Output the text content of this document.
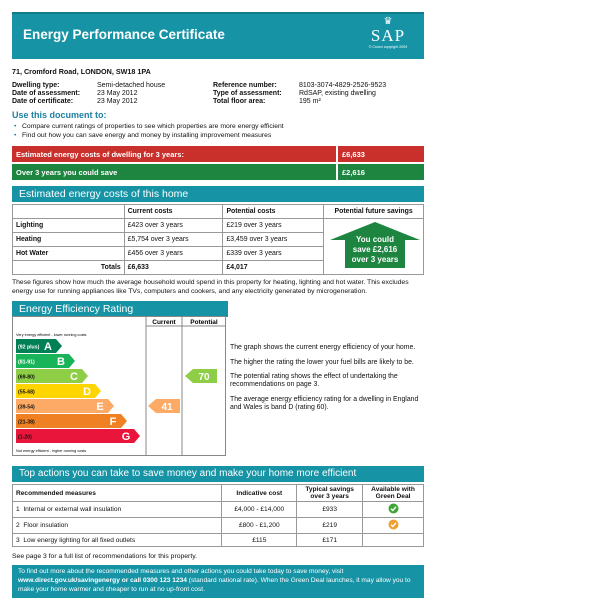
Energy Performance Certificate
♛
SAP
© Crown copyright 2009
71, Cromford Road, LONDON, SW18 1PA
Dwelling type:	Semi-detached house	Reference number:	8103-3074-4829-2526-9523
Date of assessment:	23 May 2012	Type of assessment:	RdSAP, existing dwelling
Date of certificate:	23 May 2012	Total floor area:	195 m²
Use this document to:
• Compare current ratings of properties to see which properties are more energy efficient
• Find out how you can save energy and money by installing improvement measures
Estimated energy costs of dwelling for 3 years:	£6,633
Over 3 years you could save	£2,616
Estimated energy costs of this home
	Current costs	Potential costs	Potential future savings
Lighting	£423 over 3 years	£219 over 3 years	
Heating	£5,754 over 3 years	£3,459 over 3 years	
Hot Water	£456 over 3 years	£339 over 3 years	
Totals	£6,633	£4,017	
You could
save £2,616
over 3 years
These figures show how much the average household would spend in this property for heating, lighting and hot water. This excludes energy use for running appliances like TVs, computers and cookers, and any electricity generated by microgeneration.
Energy Efficiency Rating
Current Potential
Very energy efficient - lower running costs
(92 plus) A
(81-91) B
(69-80)	C
(55-68)	D
(39-54)	E
(21-38)	F
(1-20)	G
Not energy efficient - higher running costs
41
70

The graph shows the current energy efficiency of your home.

The higher the rating the lower your fuel bills are likely to be.

The potential rating shows the effect of undertaking the recommendations on page 3.

The average energy efficiency rating for a dwelling in England and Wales is band D (rating 60).

Top actions you can take to save money and make your home more efficient
Recommended measures	Indicative cost	Typical savings over 3 years	Available with Green Deal
1 Internal or external wall insulation	£4,000 - £14,000	£933	
2 Floor insulation	£800 - £1,200	£219	
3 Low energy lighting for all fixed outlets	£115	£171	
See page 3 for a full list of recommendations for this property.
To find out more about the recommended measures and other actions you could take today to save money, visit www.direct.gov.uk/savingenergy or call 0300 123 1234 (standard national rate). When the Green Deal launches, it may allow you to make your home warmer and cheaper to run at no up-front cost.
